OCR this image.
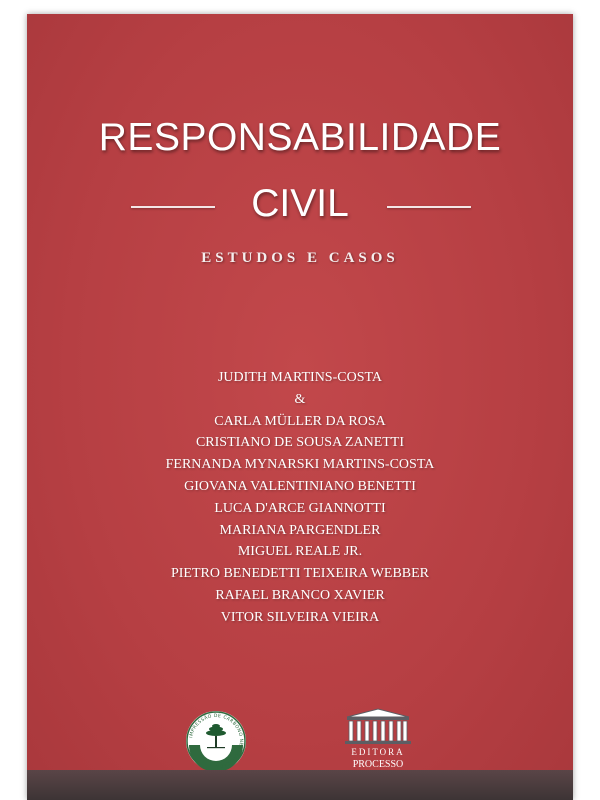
RESPONSABILIDADE
CIVIL
ESTUDOS E CASOS
JUDITH MARTINS-COSTA
&
CARLA MÜLLER DA ROSA
CRISTIANO DE SOUSA ZANETTI
FERNANDA MYNARSKI MARTINS-COSTA
GIOVANA VALENTINIANO BENETTI
LUCA D'ARCE GIANNOTTI
MARIANA PARGENDLER
MIGUEL REALE JR.
PIETRO BENEDETTI TEIXEIRA WEBBER
RAFAEL BRANCO XAVIER
VITOR SILVEIRA VIEIRA
IMPRESSÃO DE CARBONO NEUTRALIZADA
EDITORA
PROCESSO
